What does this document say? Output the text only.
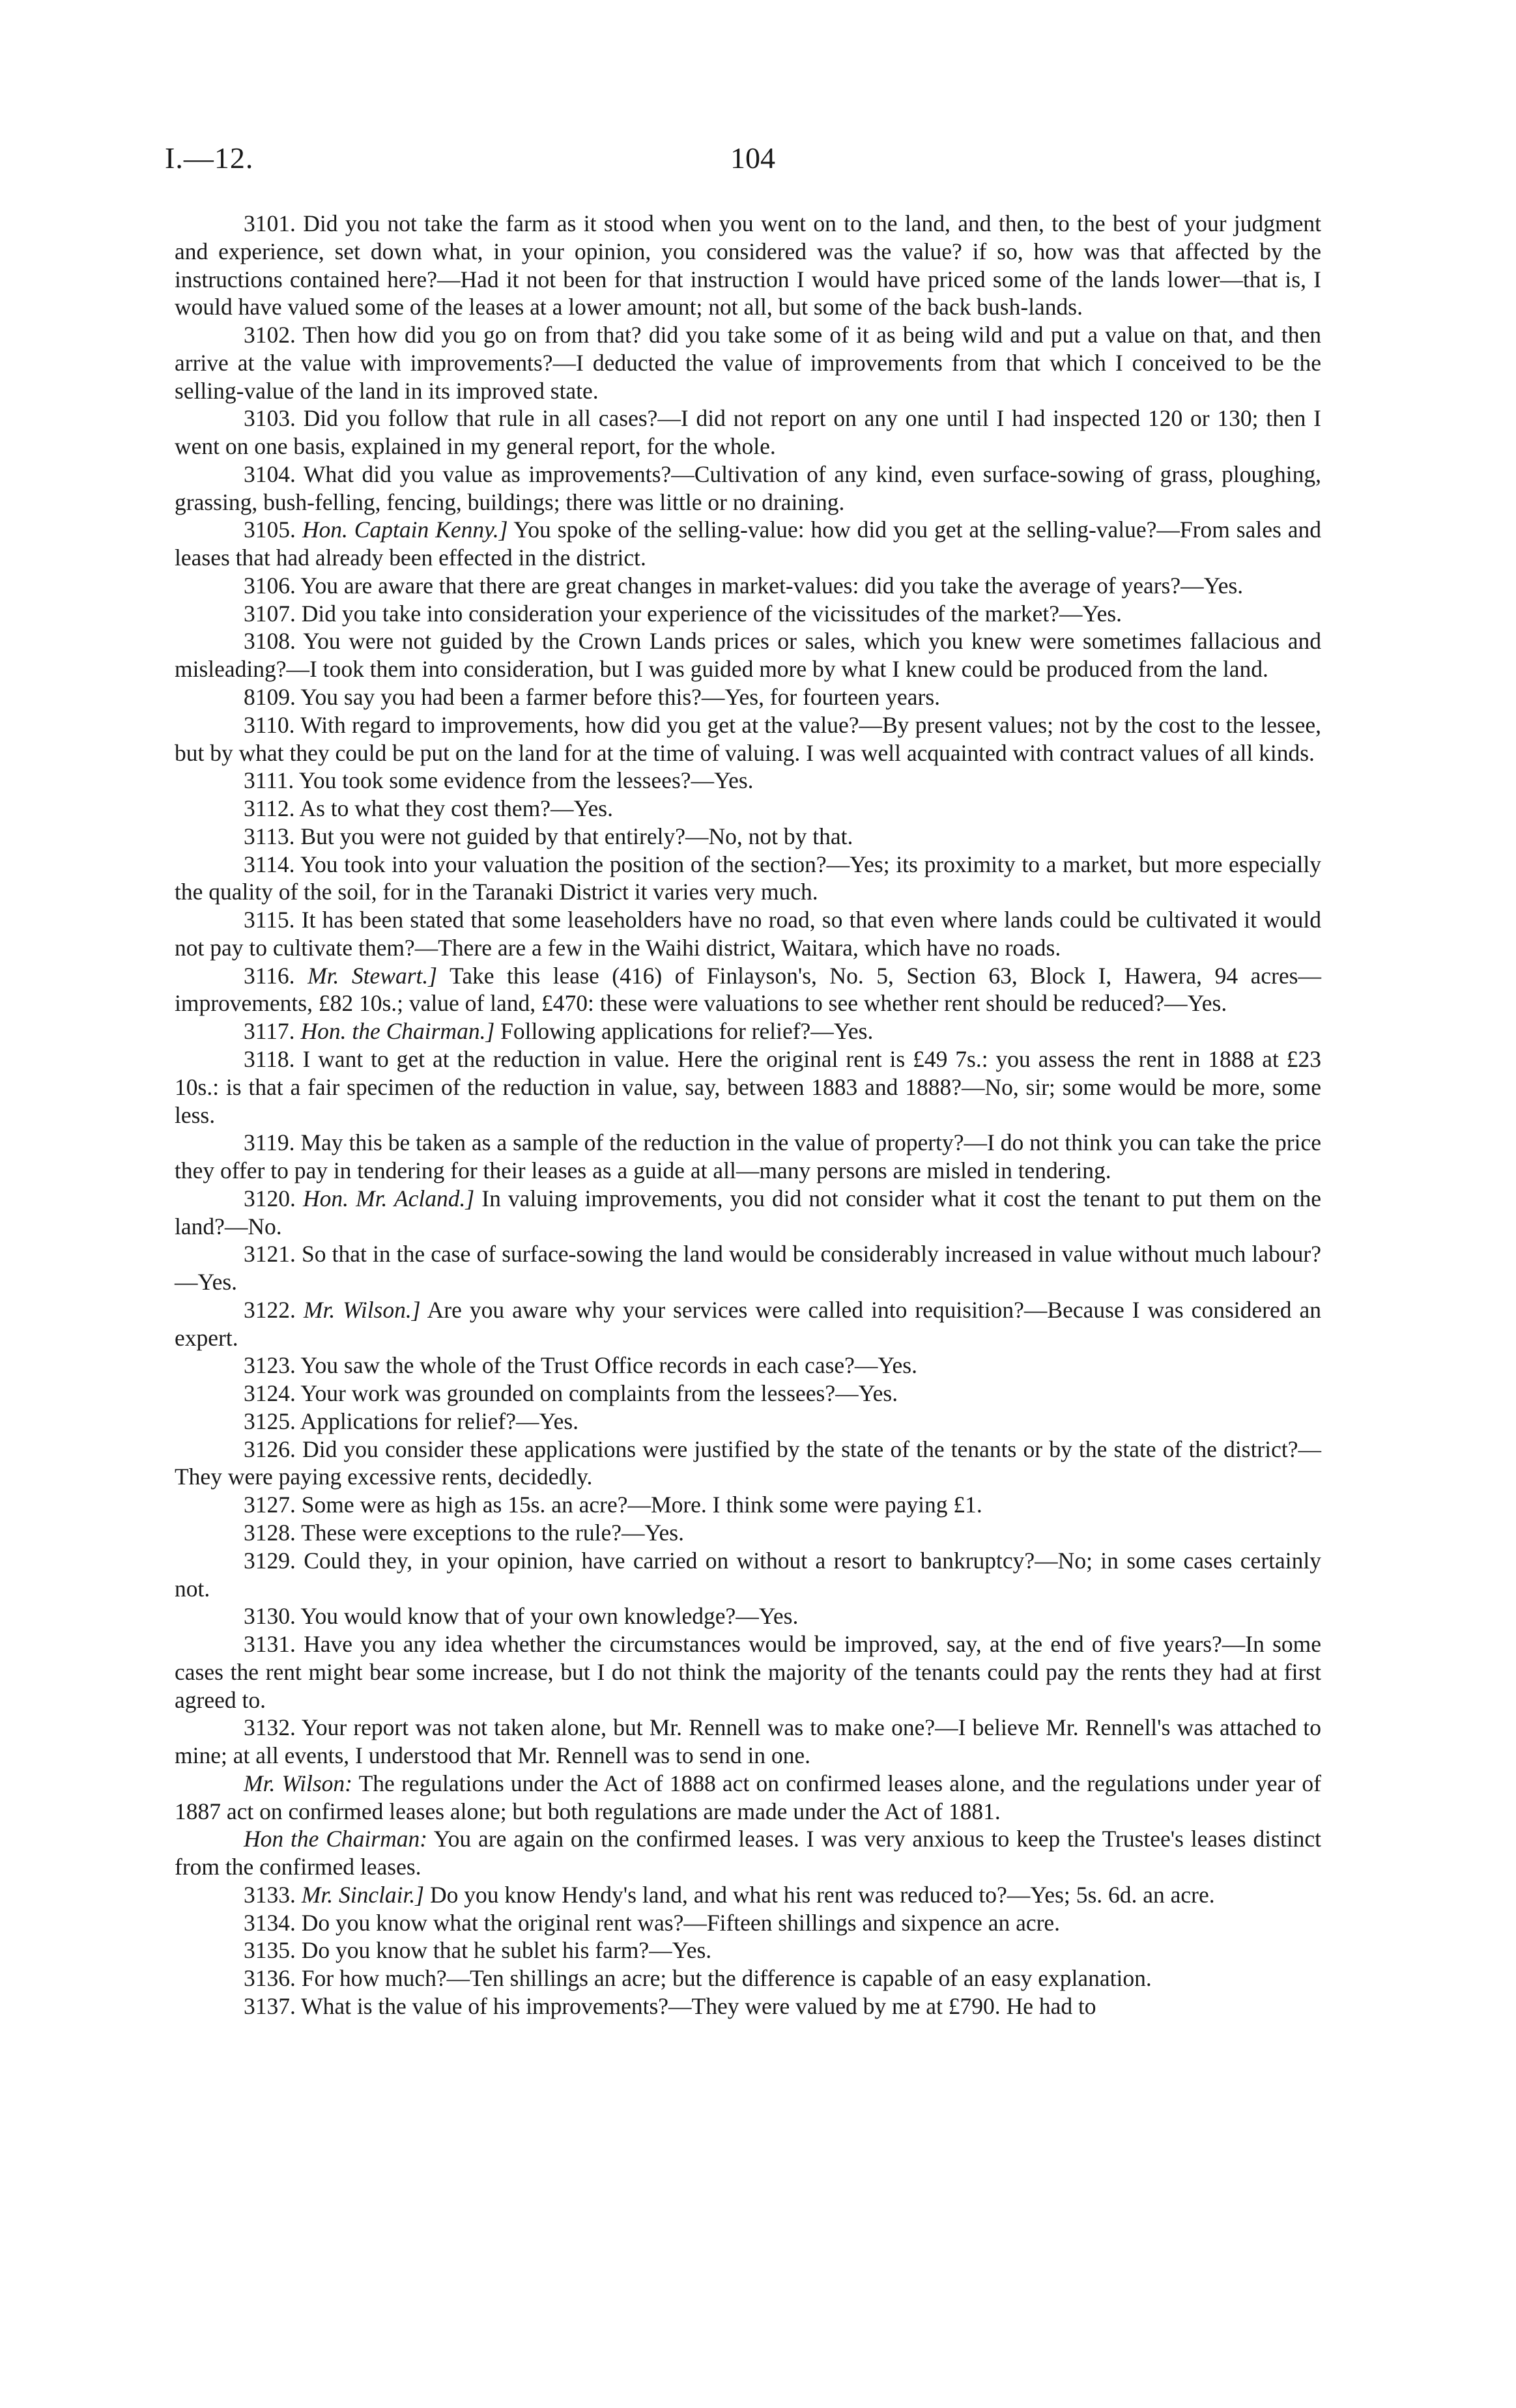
I.—12.	104

3101. Did you not take the farm as it stood when you went on to the land, and then, to the best of your judgment and experience, set down what, in your opinion, you considered was the value? if so, how was that affected by the instructions contained here?—Had it not been for that instruction I would have priced some of the lands lower—that is, I would have valued some of the leases at a lower amount; not all, but some of the back bush-lands.

3102. Then how did you go on from that? did you take some of it as being wild and put a value on that, and then arrive at the value with improvements?—I deducted the value of improvements from that which I conceived to be the selling-value of the land in its improved state.

3103. Did you follow that rule in all cases?—I did not report on any one until I had inspected 120 or 130; then I went on one basis, explained in my general report, for the whole.

3104. What did you value as improvements?—Cultivation of any kind, even surface-sowing of grass, ploughing, grassing, bush-felling, fencing, buildings; there was little or no draining.

3105. Hon. Captain Kenny.] You spoke of the selling-value: how did you get at the selling-value?—From sales and leases that had already been effected in the district.

3106. You are aware that there are great changes in market-values: did you take the average of years?—Yes.

3107. Did you take into consideration your experience of the vicissitudes of the market?—Yes.

3108. You were not guided by the Crown Lands prices or sales, which you knew were sometimes fallacious and misleading?—I took them into consideration, but I was guided more by what I knew could be produced from the land.

8109. You say you had been a farmer before this?—Yes, for fourteen years.

3110. With regard to improvements, how did you get at the value?—By present values; not by the cost to the lessee, but by what they could be put on the land for at the time of valuing. I was well acquainted with contract values of all kinds.

3111. You took some evidence from the lessees?—Yes.

3112. As to what they cost them?—Yes.

3113. But you were not guided by that entirely?—No, not by that.

3114. You took into your valuation the position of the section?—Yes; its proximity to a market, but more especially the quality of the soil, for in the Taranaki District it varies very much.

3115. It has been stated that some leaseholders have no road, so that even where lands could be cultivated it would not pay to cultivate them?—There are a few in the Waihi district, Waitara, which have no roads.

3116. Mr. Stewart.] Take this lease (416) of Finlayson's, No. 5, Section 63, Block I, Hawera, 94 acres—improvements, £82 10s.; value of land, £470: these were valuations to see whether rent should be reduced?—Yes.

3117. Hon. the Chairman.] Following applications for relief?—Yes.

3118. I want to get at the reduction in value. Here the original rent is £49 7s.: you assess the rent in 1888 at £23 10s.: is that a fair specimen of the reduction in value, say, between 1883 and 1888?—No, sir; some would be more, some less.

3119. May this be taken as a sample of the reduction in the value of property?—I do not think you can take the price they offer to pay in tendering for their leases as a guide at all—many persons are misled in tendering.

3120. Hon. Mr. Acland.] In valuing improvements, you did not consider what it cost the tenant to put them on the land?—No.

3121. So that in the case of surface-sowing the land would be considerably increased in value without much labour?—Yes.

3122. Mr. Wilson.] Are you aware why your services were called into requisition?—Because I was considered an expert.

3123. You saw the whole of the Trust Office records in each case?—Yes.

3124. Your work was grounded on complaints from the lessees?—Yes.

3125. Applications for relief?—Yes.

3126. Did you consider these applications were justified by the state of the tenants or by the state of the district?—They were paying excessive rents, decidedly.

3127. Some were as high as 15s. an acre?—More. I think some were paying £1.

3128. These were exceptions to the rule?—Yes.

3129. Could they, in your opinion, have carried on without a resort to bankruptcy?—No; in some cases certainly not.

3130. You would know that of your own knowledge?—Yes.

3131. Have you any idea whether the circumstances would be improved, say, at the end of five years?—In some cases the rent might bear some increase, but I do not think the majority of the tenants could pay the rents they had at first agreed to.

3132. Your report was not taken alone, but Mr. Rennell was to make one?—I believe Mr. Rennell's was attached to mine; at all events, I understood that Mr. Rennell was to send in one.

Mr. Wilson: The regulations under the Act of 1888 act on confirmed leases alone, and the regulations under year of 1887 act on confirmed leases alone; but both regulations are made under the Act of 1881.

Hon the Chairman: You are again on the confirmed leases. I was very anxious to keep the Trustee's leases distinct from the confirmed leases.

3133. Mr. Sinclair.] Do you know Hendy's land, and what his rent was reduced to?—Yes; 5s. 6d. an acre.

3134. Do you know what the original rent was?—Fifteen shillings and sixpence an acre.

3135. Do you know that he sublet his farm?—Yes.

3136. For how much?—Ten shillings an acre; but the difference is capable of an easy explanation.

3137. What is the value of his improvements?—They were valued by me at £790. He had to
